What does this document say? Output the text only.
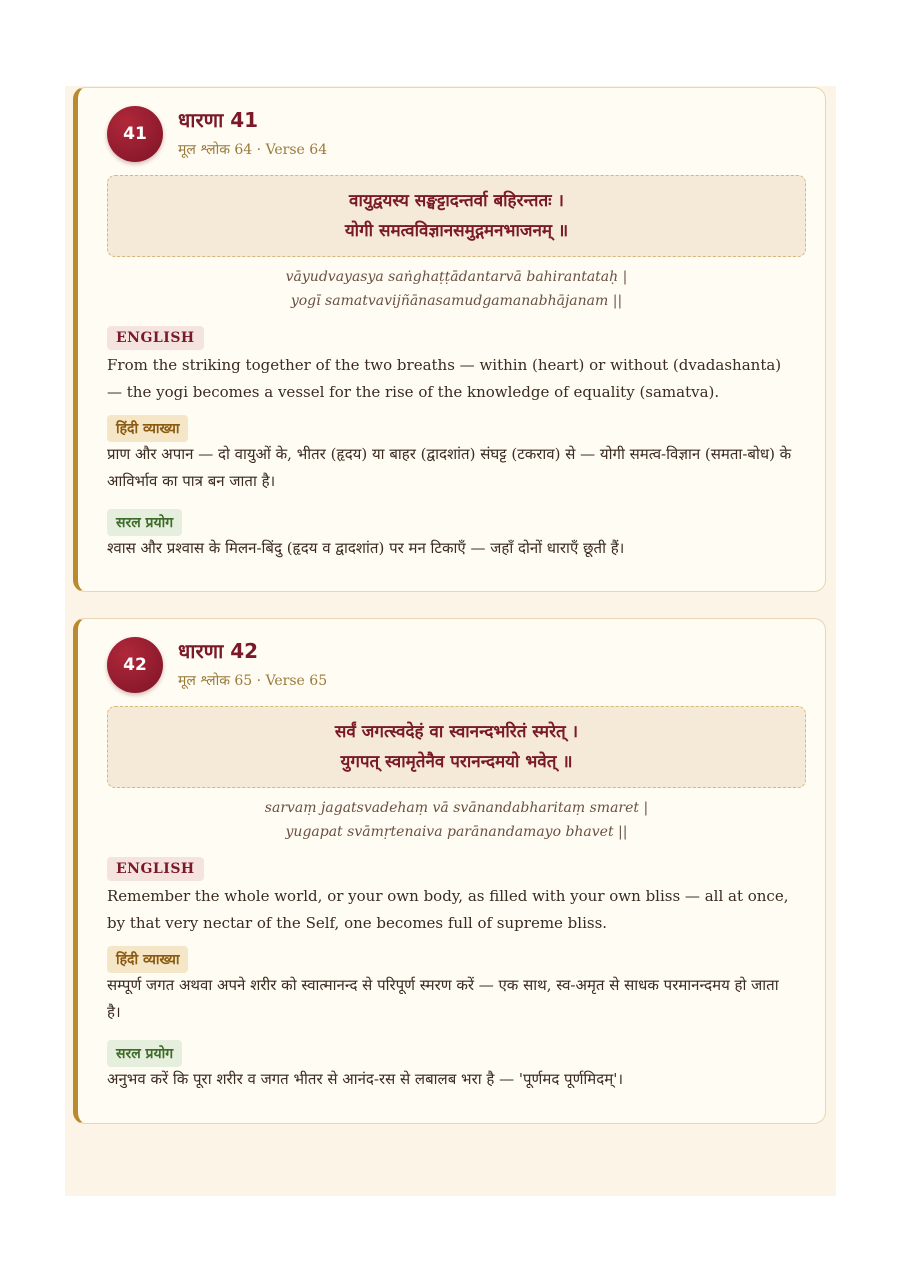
41
धारणा 41
मूल श्लोक 64 · Verse 64
वायुद्वयस्य सङ्घट्टादन्तर्वा बहिरन्ततः ।
योगी समत्वविज्ञानसमुद्गमनभाजनम् ॥
vāyudvayasya saṅghaṭṭādantarvā bahirantataḥ |
yogī samatvavijñānasamudgamanabhājanam ||
ENGLISH
From the striking together of the two breaths — within (heart) or without (dvadashanta) — the yogi becomes a vessel for the rise of the knowledge of equality (samatva).
हिंदी व्याख्या
प्राण और अपान — दो वायुओं के, भीतर (हृदय) या बाहर (द्वादशांत) संघट्ट (टकराव) से — योगी समत्व-विज्ञान (समता-बोध) के आविर्भाव का पात्र बन जाता है।
सरल प्रयोग
श्वास और प्रश्वास के मिलन-बिंदु (हृदय व द्वादशांत) पर मन टिकाएँ — जहाँ दोनों धाराएँ छूती हैं।
42
धारणा 42
मूल श्लोक 65 · Verse 65
सर्वं जगत्स्वदेहं वा स्वानन्दभरितं स्मरेत् ।
युगपत् स्वामृतेनैव परानन्दमयो भवेत् ॥
sarvaṃ jagatsvadehaṃ vā svānandabharitaṃ smaret |
yugapat svāmṛtenaiva parānandamayo bhavet ||
ENGLISH
Remember the whole world, or your own body, as filled with your own bliss — all at once, by that very nectar of the Self, one becomes full of supreme bliss.
हिंदी व्याख्या
सम्पूर्ण जगत अथवा अपने शरीर को स्वात्मानन्द से परिपूर्ण स्मरण करें — एक साथ, स्व-अमृत से साधक परमानन्दमय हो जाता है।
सरल प्रयोग
अनुभव करें कि पूरा शरीर व जगत भीतर से आनंद-रस से लबालब भरा है — 'पूर्णमद पूर्णमिदम्'।
